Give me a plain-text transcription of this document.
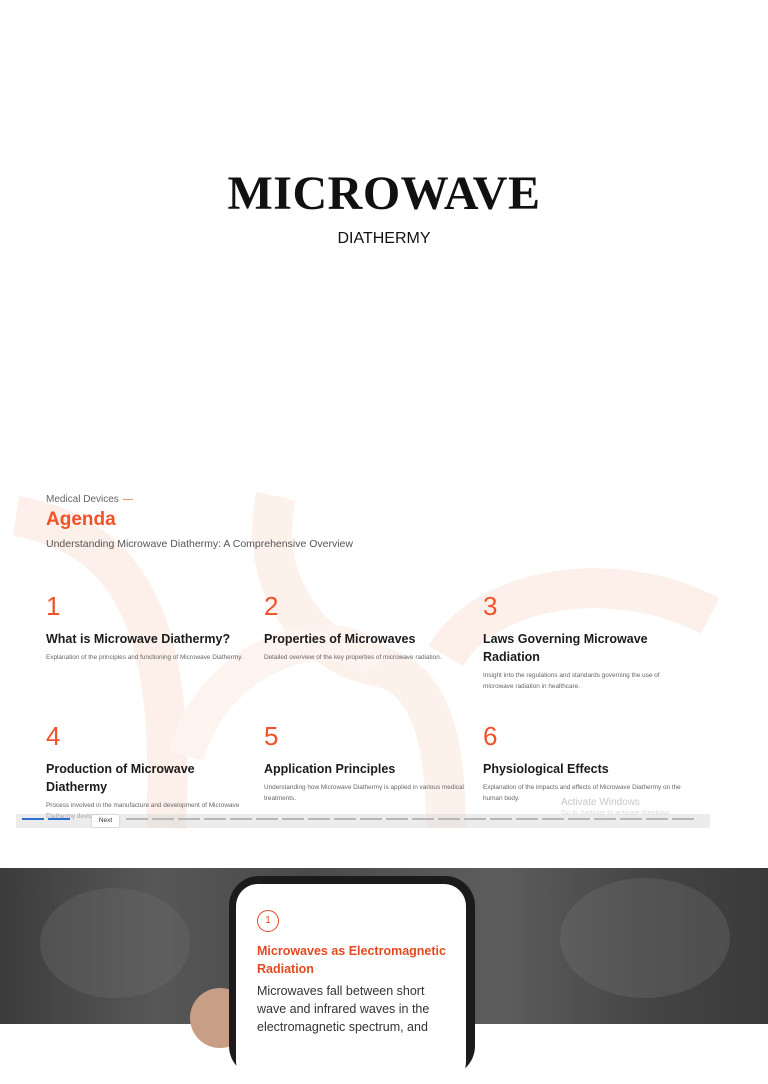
MICROWAVE
DIATHERMY
Medical Devices —
Agenda
Understanding Microwave Diathermy: A Comprehensive Overview
1
What is Microwave Diathermy?
Explanation of the principles and functioning of Microwave Diathermy.
2
Properties of Microwaves
Detailed overview of the key properties of microwave radiation.
3
Laws Governing Microwave Radiation
Insight into the regulations and standards governing the use of microwave radiation in healthcare.
4
Production of Microwave Diathermy
Process involved in the manufacture and development of Microwave
5
Application Principles
Understanding how Microwave Diathermy is applied in various medical treatments.
6
Physiological Effects
Explanation of the impacts and effects of Microwave Diathermy on the human body.	Activate Windows
Next
1
Microwaves as Electromagnetic Radiation
Microwaves fall between short wave and infrared waves in the electromagnetic spectrum, and
